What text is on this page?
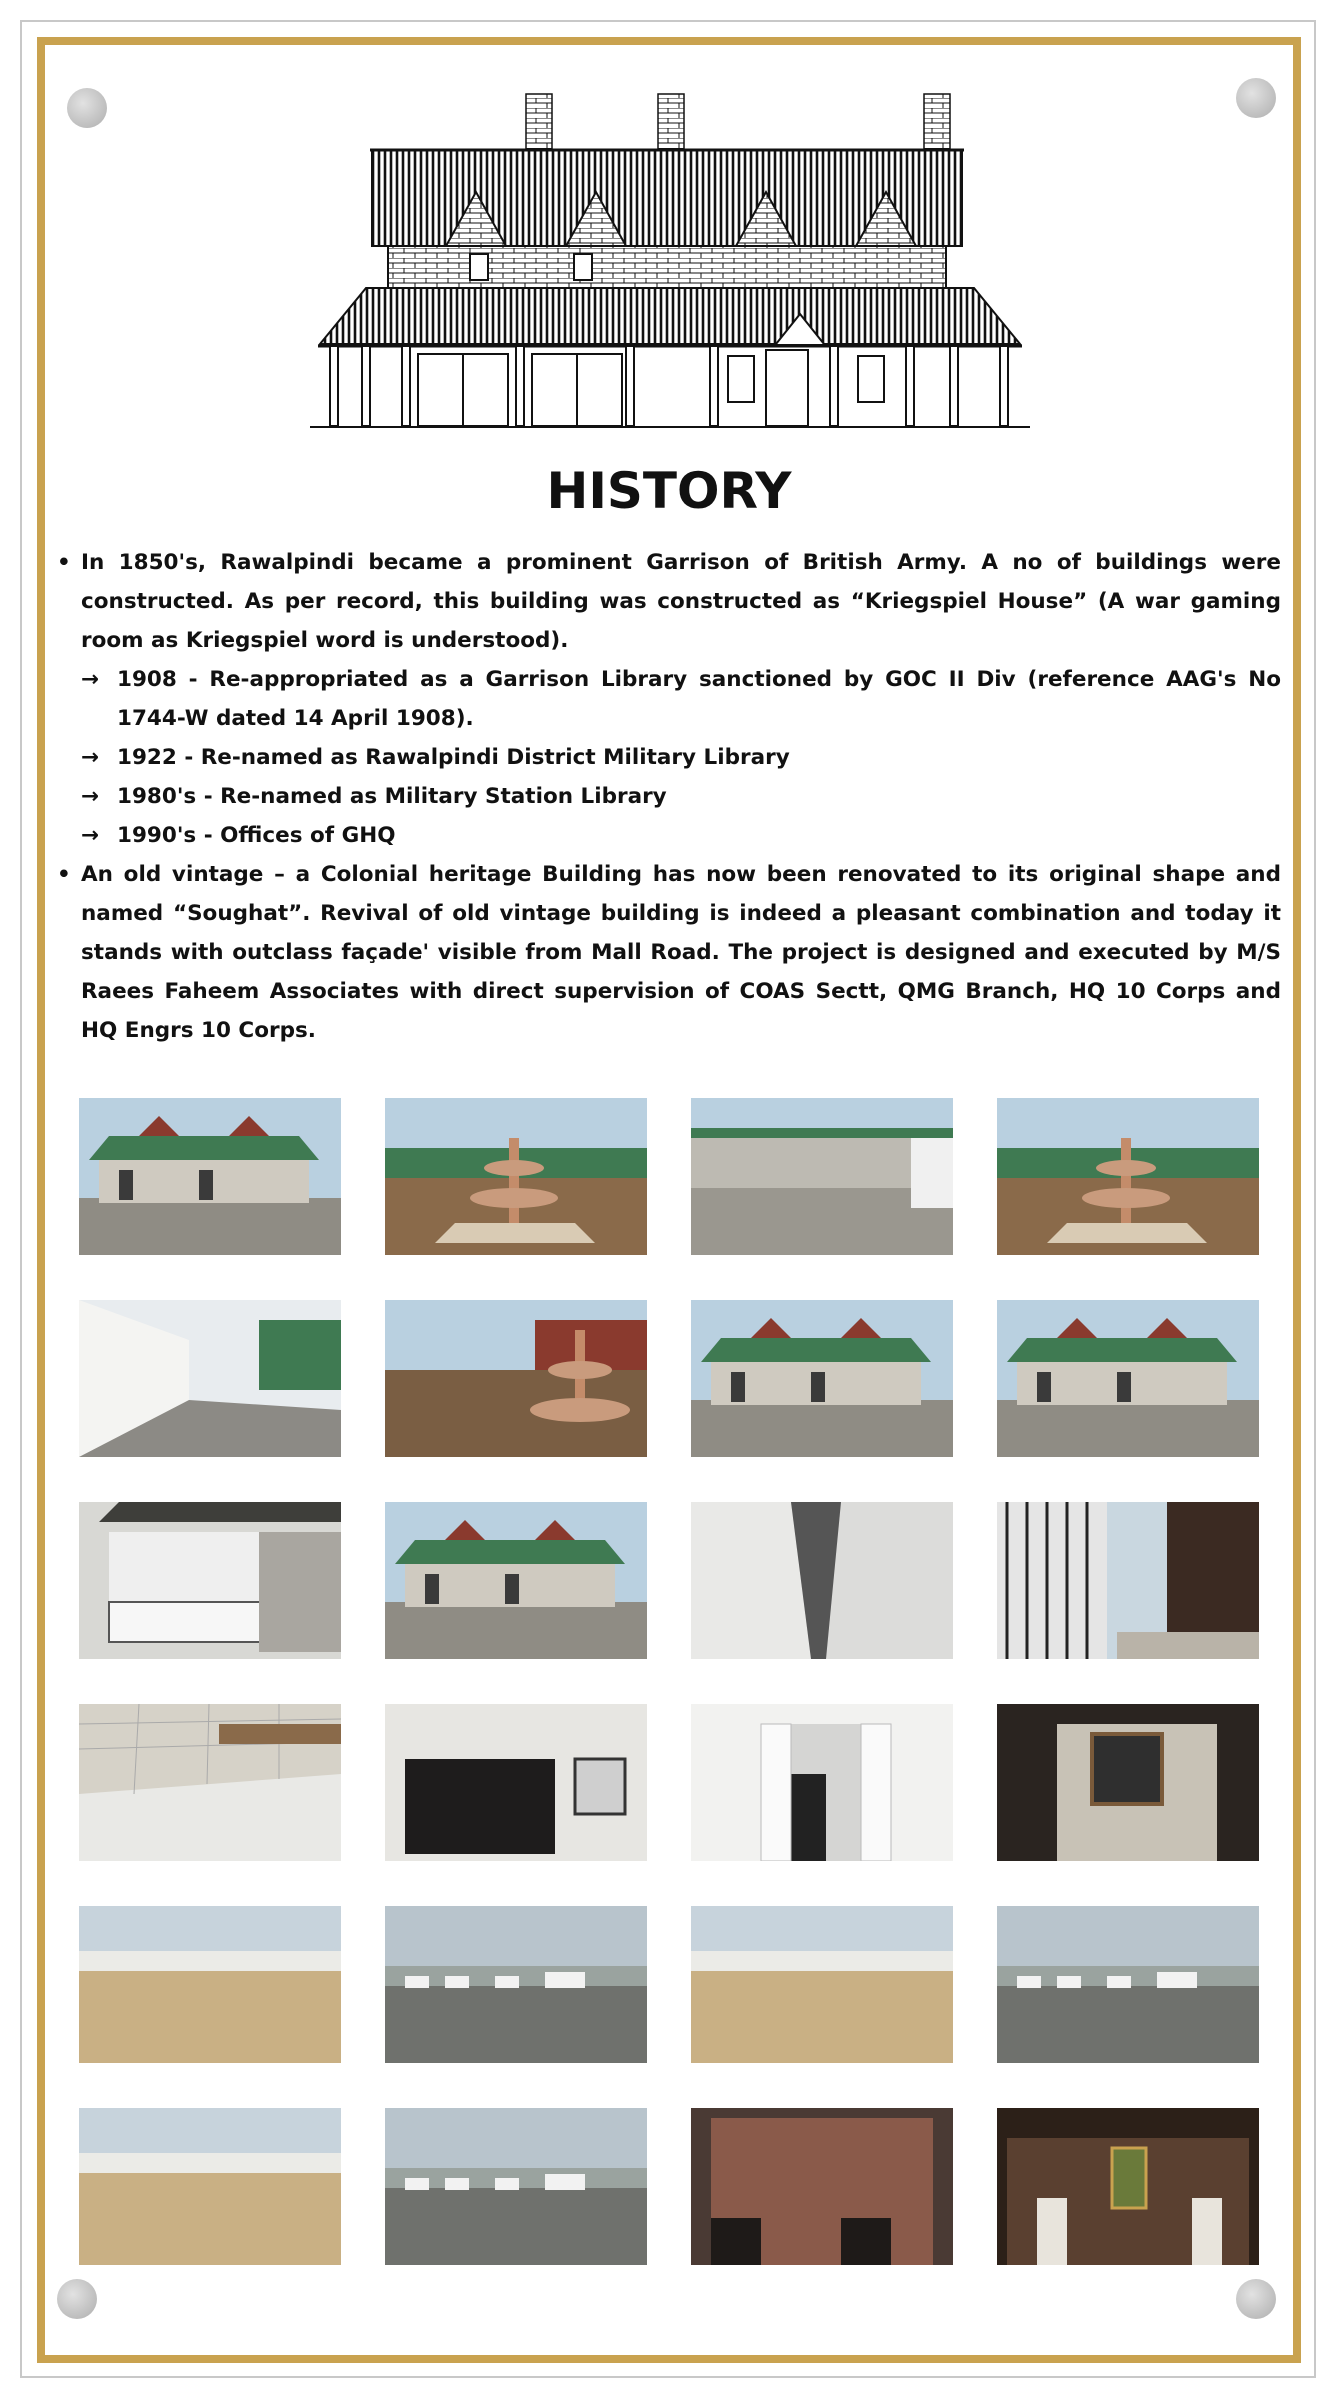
HISTORY
• In 1850's, Rawalpindi became a prominent Garrison of British Army. A no of buildings were constructed. As per record, this building was constructed as “Kriegspiel House” (A war gaming room as Kriegspiel word is understood).
→ 1908 - Re-appropriated as a Garrison Library sanctioned by GOC II Div (reference AAG's No 1744-W dated 14 April 1908).
→ 1922 - Re-named as Rawalpindi District Military Library
→ 1980's - Re-named as Military Station Library
→ 1990's - Offices of GHQ
• An old vintage – a Colonial heritage Building has now been renovated to its original shape and named “Soughat”. Revival of old vintage building is indeed a pleasant combination and today it stands with outclass façade' visible from Mall Road. The project is designed and executed by M/S Raees Faheem Associates with direct supervision of COAS Sectt, QMG Branch, HQ 10 Corps and HQ Engrs 10 Corps.
